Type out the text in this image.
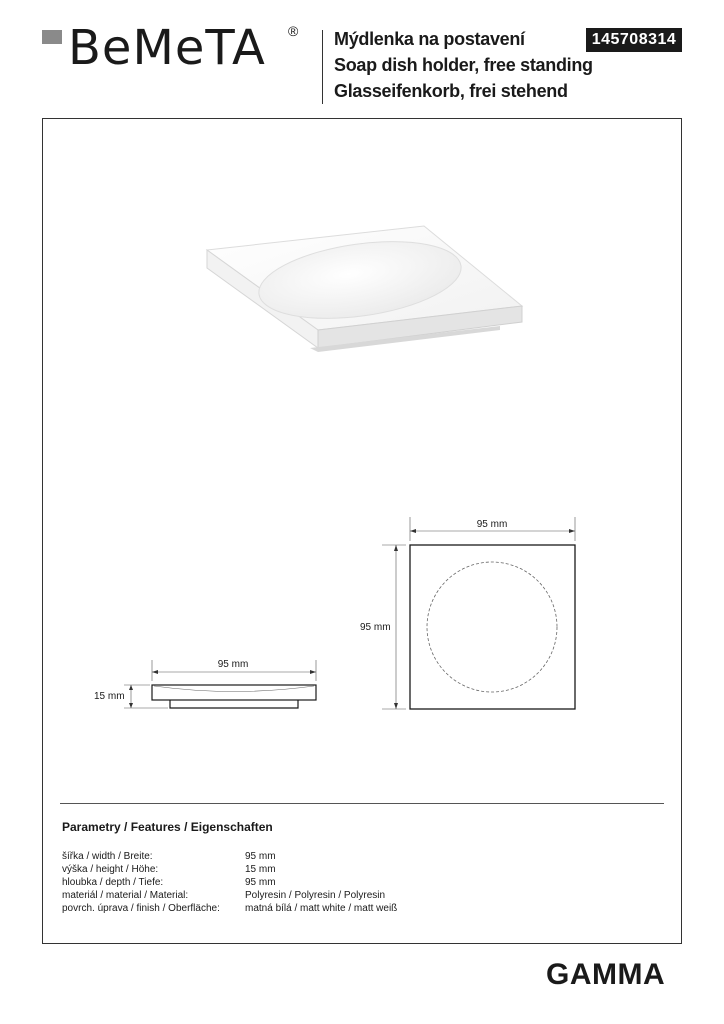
BeMeTA ® Mýdlenka na postavení
Soap dish holder, free standing
Glasseifenkorb, frei stehend
145708314
95 mm
95 mm
95 mm
15 mm
Parametry / Features / Eigenschaften
šířka / width / Breite:	95 mm
výška / height / Höhe:	15 mm
hloubka / depth / Tiefe:	95 mm
materiál / material / Material:	Polyresin / Polyresin / Polyresin
povrch. úprava / finish / Oberfläche:	matná bílá / matt white / matt weiß
GAMMA
